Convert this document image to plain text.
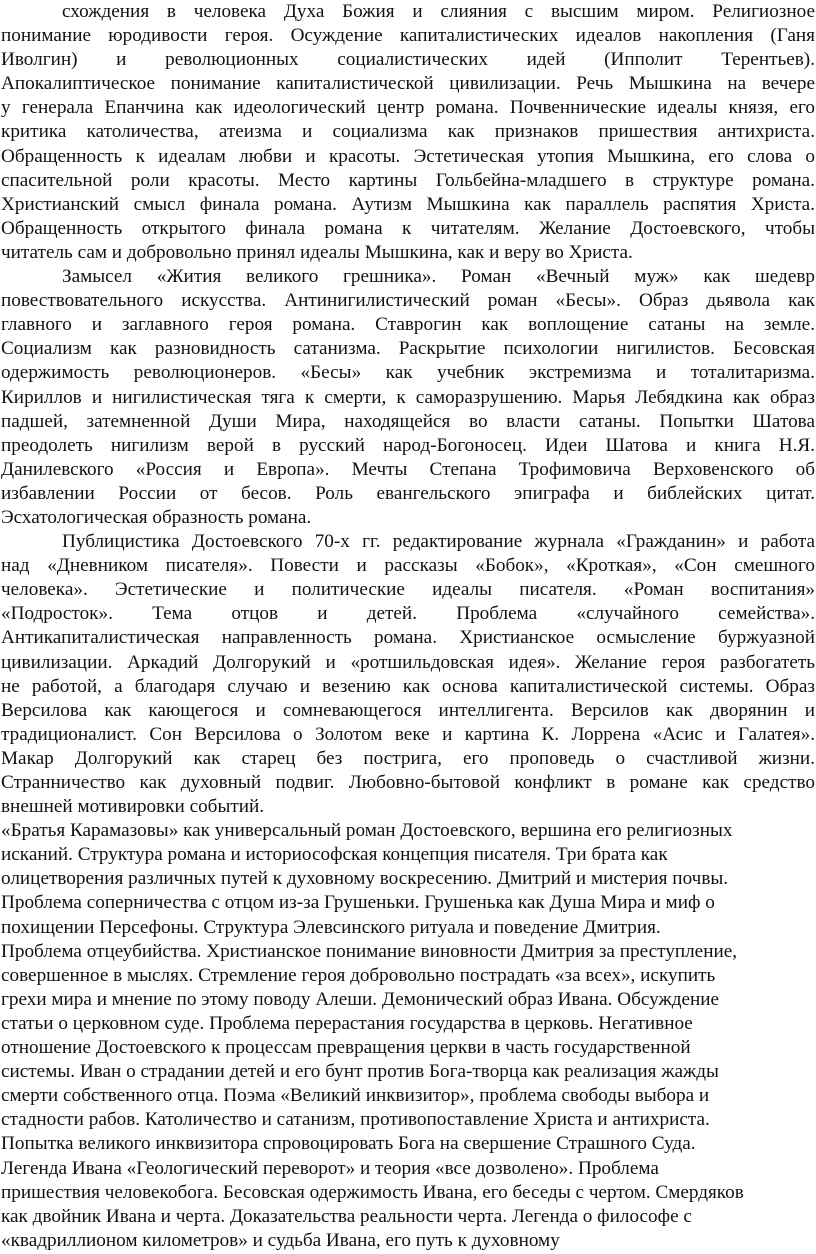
схождения в человека Духа Божия и слияния с высшим миром. Религиозное
понимание юродивости героя. Осуждение капиталистических идеалов накопления (Ганя
Иволгин) и революционных социалистических идей (Ипполит Терентьев).
Апокалиптическое понимание капиталистической цивилизации. Речь Мышкина на вечере
у генерала Епанчина как идеологический центр романа. Почвеннические идеалы князя, его
критика католичества, атеизма и социализма как признаков пришествия антихриста.
Обращенность к идеалам любви и красоты. Эстетическая утопия Мышкина, его слова о
спасительной роли красоты. Место картины Гольбейна-младшего в структуре романа.
Христианский смысл финала романа. Аутизм Мышкина как параллель распятия Христа.
Обращенность открытого финала романа к читателям. Желание Достоевского, чтобы
читатель сам и добровольно принял идеалы Мышкина, как и веру во Христа.
Замысел «Жития великого грешника». Роман «Вечный муж» как шедевр
повествовательного искусства. Антинигилистический роман «Бесы». Образ дьявола как
главного и заглавного героя романа. Ставрогин как воплощение сатаны на земле.
Социализм как разновидность сатанизма. Раскрытие психологии нигилистов. Бесовская
одержимость революционеров. «Бесы» как учебник экстремизма и тоталитаризма.
Кириллов и нигилистическая тяга к смерти, к саморазрушению. Марья Лебядкина как образ
падшей, затемненной Души Мира, находящейся во власти сатаны. Попытки Шатова
преодолеть нигилизм верой в русский народ-Богоносец. Идеи Шатова и книга Н.Я.
Данилевского «Россия и Европа». Мечты Степана Трофимовича Верховенского об
избавлении России от бесов. Роль евангельского эпиграфа и библейских цитат.
Эсхатологическая образность романа.
Публицистика Достоевского 70-х гг. редактирование журнала «Гражданин» и работа
над «Дневником писателя». Повести и рассказы «Бобок», «Кроткая», «Сон смешного
человека». Эстетические и политические идеалы писателя. «Роман воспитания»
«Подросток». Тема отцов и детей. Проблема «случайного семейства».
Антикапиталистическая направленность романа. Христианское осмысление буржуазной
цивилизации. Аркадий Долгорукий и «ротшильдовская идея». Желание героя разбогатеть
не работой, а благодаря случаю и везению как основа капиталистической системы. Образ
Версилова как кающегося и сомневающегося интеллигента. Версилов как дворянин и
традиционалист. Сон Версилова о Золотом веке и картина К. Лоррена «Асис и Галатея».
Макар Долгорукий как старец без пострига, его проповедь о счастливой жизни.
Странничество как духовный подвиг. Любовно-бытовой конфликт в романе как средство
внешней мотивировки событий.
«Братья Карамазовы» как универсальный роман Достоевского, вершина его религиозных
исканий. Структура романа и историософская концепция писателя. Три брата как
олицетворения различных путей к духовному воскресению. Дмитрий и мистерия почвы.
Проблема соперничества с отцом из-за Грушеньки. Грушенька как Душа Мира и миф о
похищении Персефоны. Структура Элевсинского ритуала и поведение Дмитрия.
Проблема отцеубийства. Христианское понимание виновности Дмитрия за преступление,
совершенное в мыслях. Стремление героя добровольно пострадать «за всех», искупить
грехи мира и мнение по этому поводу Алеши. Демонический образ Ивана. Обсуждение
статьи о церковном суде. Проблема перерастания государства в церковь. Негативное
отношение Достоевского к процессам превращения церкви в часть государственной
системы. Иван о страдании детей и его бунт против Бога-творца как реализация жажды
смерти собственного отца. Поэма «Великий инквизитор», проблема свободы выбора и
стадности рабов. Католичество и сатанизм, противопоставление Христа и антихриста.
Попытка великого инквизитора спровоцировать Бога на свершение Страшного Суда.
Легенда Ивана «Геологический переворот» и теория «все дозволено». Проблема
пришествия человекобога. Бесовская одержимость Ивана, его беседы с чертом. Смердяков
как двойник Ивана и черта. Доказательства реальности черта. Легенда о философе с
«квадриллионом километров» и судьба Ивана, его путь к духовному
